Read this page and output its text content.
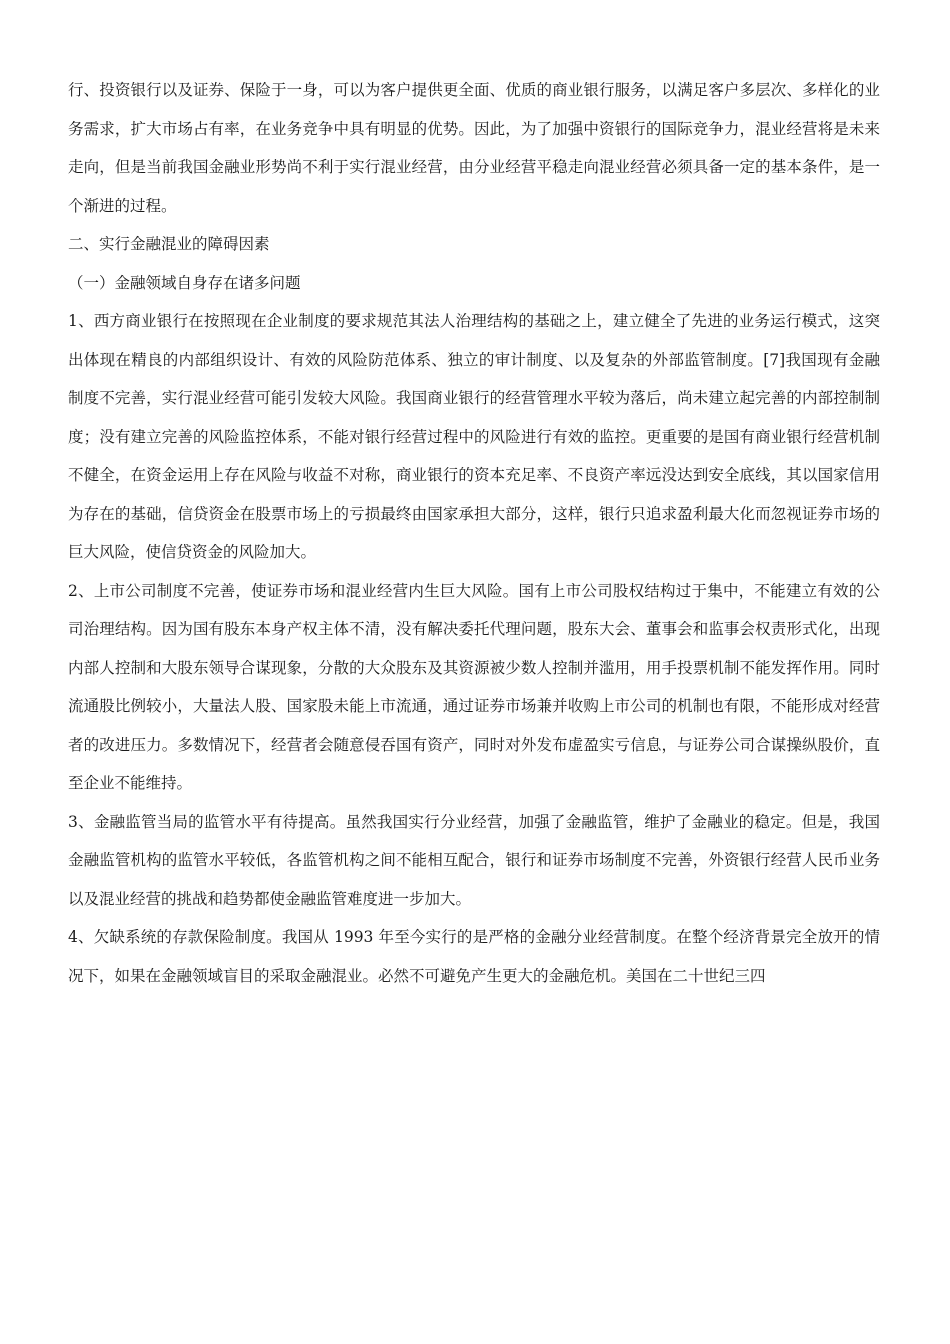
行、投资银行以及证券、保险于一身，可以为客户提供更全面、优质的商业银行服务，以满足客户多层次、多样化的业务需求，扩大市场占有率，在业务竞争中具有明显的优势。因此，为了加强中资银行的国际竞争力，混业经营将是未来走向，但是当前我国金融业形势尚不利于实行混业经营，由分业经营平稳走向混业经营必须具备一定的基本条件，是一个渐进的过程。

二、实行金融混业的障碍因素

（一）金融领域自身存在诸多问题

1、西方商业银行在按照现在企业制度的要求规范其法人治理结构的基础之上，建立健全了先进的业务运行模式，这突出体现在精良的内部组织设计、有效的风险防范体系、独立的审计制度、以及复杂的外部监管制度。[7]我国现有金融制度不完善，实行混业经营可能引发较大风险。我国商业银行的经营管理水平较为落后，尚未建立起完善的内部控制制度；没有建立完善的风险监控体系，不能对银行经营过程中的风险进行有效的监控。更重要的是国有商业银行经营机制不健全，在资金运用上存在风险与收益不对称，商业银行的资本充足率、不良资产率远没达到安全底线，其以国家信用为存在的基础，信贷资金在股票市场上的亏损最终由国家承担大部分，这样，银行只追求盈利最大化而忽视证券市场的巨大风险，使信贷资金的风险加大。

2、上市公司制度不完善，使证券市场和混业经营内生巨大风险。国有上市公司股权结构过于集中，不能建立有效的公司治理结构。因为国有股东本身产权主体不清，没有解决委托代理问题，股东大会、董事会和监事会权责形式化，出现内部人控制和大股东领导合谋现象，分散的大众股东及其资源被少数人控制并滥用，用手投票机制不能发挥作用。同时流通股比例较小，大量法人股、国家股未能上市流通，通过证券市场兼并收购上市公司的机制也有限，不能形成对经营者的改进压力。多数情况下，经营者会随意侵吞国有资产，同时对外发布虚盈实亏信息，与证券公司合谋操纵股价，直至企业不能维持。

3、金融监管当局的监管水平有待提高。虽然我国实行分业经营，加强了金融监管，维护了金融业的稳定。但是，我国金融监管机构的监管水平较低，各监管机构之间不能相互配合，银行和证券市场制度不完善，外资银行经营人民币业务以及混业经营的挑战和趋势都使金融监管难度进一步加大。

4、欠缺系统的存款保险制度。我国从 1993 年至今实行的是严格的金融分业经营制度。在整个经济背景完全放开的情况下，如果在金融领域盲目的采取金融混业。必然不可避免产生更大的金融危机。美国在二十世纪三四
